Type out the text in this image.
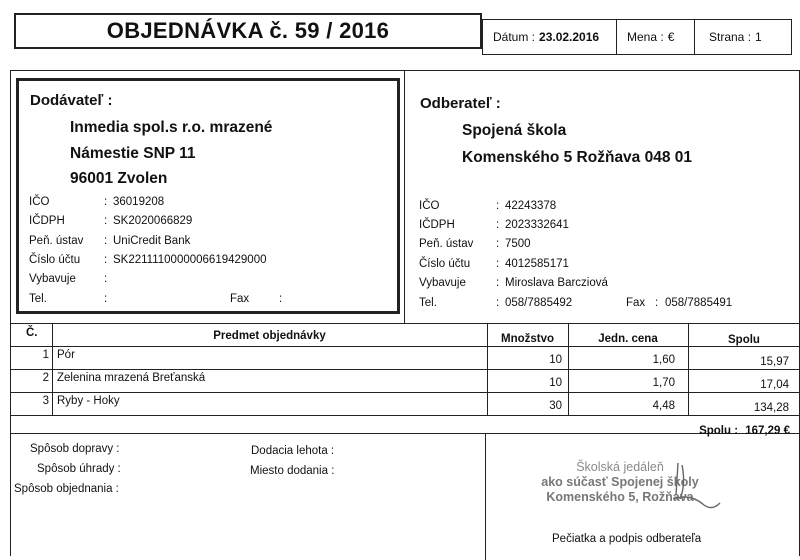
OBJEDNÁVKA č. 59 / 2016	Dátum : 23.02.2016 Mena : €	Strana : 1
Dodávateľ :
Inmedia spol.s r.o. mrazené
Námestie SNP 11
96001 Zvolen
IČO	: 36019208
IČDPH	: SK2020066829
Peň. ústav : UniCredit Bank
Číslo účtu : SK2211110000006619429000
Vybavuje :
Tel.	:	Fax	:
Odberateľ :
Spojená škola
Komenského 5 Rožňava 048 01
IČO	: 42243378
IČDPH	: 2023332641
Peň. ústav : 7500
Číslo účtu : 4012585171
Vybavuje	: Miroslava Barcziová
Tel.	: 058/7885492	Fax : 058/7885491
Č.	Predmet objednávky	Množstvo	Jedn. cena	Spolu
1 Pór	10	1,60	15,97
2 Zelenina mrazená Breťanská	10	1,70	17,04
3 Ryby - Hoky	30	4,48	134,28
Spolu : 167,29 €
Spôsob dopravy :
Spôsob úhrady :
Spôsob objednania :
Dodacia lehota :
Miesto dodania :	Školská jedáleň
ako súčasť Spojenej školy
Komenského 5, Rožňava
Pečiatka a podpis odberateľa
